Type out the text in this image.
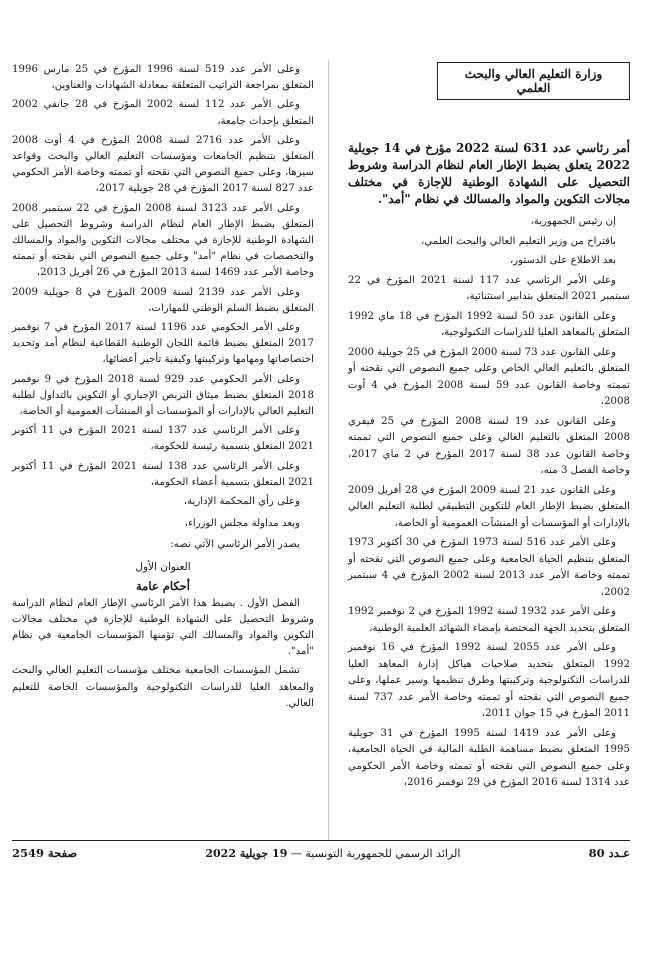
وزارة التعليم العالي والبحث العلمي

أمر رئاسي عدد 631 لسنة 2022 مؤرخ في 14 جويلية 2022 يتعلق بضبط الإطار العام لنظام الدراسة وشروط التحصيل على الشهادة الوطنية للإجازة في مختلف مجالات التكوين والمواد والمسالك في نظام "أمد".

إن رئيس الجمهورية،

باقتراح من وزير التعليم العالي والبحث العلمي،

بعد الاطلاع على الدستور،

وعلى الأمر الرئاسي عدد 117 لسنة 2021 المؤرخ في 22 سبتمبر 2021 المتعلق بتدابير استثنائية،

وعلى القانون عدد 50 لسنة 1992 المؤرخ في 18 ماي 1992 المتعلق بالمعاهد العليا للدراسات التكنولوجية،

وعلى القانون عدد 73 لسنة 2000 المؤرخ في 25 جويلية 2000 المتعلق بالتعليم العالي الخاص وعلى جميع النصوص التي نقحته أو تممته وخاصة القانون عدد 59 لسنة 2008 المؤرخ في 4 أوت 2008،

وعلى القانون عدد 19 لسنة 2008 المؤرخ في 25 فيفري 2008 المتعلق بالتعليم العالي وعلى جميع النصوص التي تممته وخاصة القانون عدد 38 لسنة 2017 المؤرخ في 2 ماي 2017، وخاصة الفصل 3 منه،

وعلى القانون عدد 21 لسنة 2009 المؤرخ في 28 أفريل 2009 المتعلق بضبط الإطار العام للتكوين التطبيقي لطلبة التعليم العالي بالإدارات أو المؤسسات أو المنشآت العمومية أو الخاصة،

وعلى الأمر عدد 516 لسنة 1973 المؤرخ في 30 أكتوبر 1973 المتعلق بتنظيم الحياة الجامعية وعلى جميع النصوص التي نقحته أو تممته وخاصة الأمر عدد 2013 لسنة 2002 المؤرخ في 4 سبتمبر 2002،

وعلى الأمر عدد 1932 لسنة 1992 المؤرخ في 2 نوفمبر 1992 المتعلق بتحديد الجهة المختصة بإمضاء الشهائد العلمية الوطنية،

وعلى الأمر عدد 2055 لسنة 1992 المؤرخ في 16 نوفمبر 1992 المتعلق بتحديد صلاحيات هياكل إدارة المعاهد العليا للدراسات التكنولوجية وتركيبتها وطرق تنظيمها وسير عملها، وعلى جميع النصوص التي نقحته أو تممته وخاصة الأمر عدد 737 لسنة 2011 المؤرخ في 15 جوان 2011،

وعلى الأمر عدد 1419 لسنة 1995 المؤرخ في 31 جويلية 1995 المتعلق بضبط مساهمة الطلبة المالية في الحياة الجامعية، وعلى جميع النصوص التي نقحته أو تممته وخاصة الأمر الحكومي عدد 1314 لسنة 2016 المؤرخ في 29 نوفمبر 2016،

وعلى الأمر عدد 519 لسنة 1996 المؤرخ في 25 مارس 1996 المتعلق بمراجعة التراتيب المتعلقة بمعادلة الشهادات والعناوين،

وعلى الأمر عدد 112 لسنة 2002 المؤرخ في 28 جانفي 2002 المتعلق بإحداث جامعة،

وعلى الأمر عدد 2716 لسنة 2008 المؤرخ في 4 أوت 2008 المتعلق بتنظيم الجامعات ومؤسسات التعليم العالي والبحث وقواعد سيرها، وعلى جميع النصوص التي نقحته أو تممته وخاصة الأمر الحكومي عدد 827 لسنة 2017 المؤرخ في 28 جويلية 2017،

وعلى الأمر عدد 3123 لسنة 2008 المؤرخ في 22 سبتمبر 2008 المتعلق بضبط الإطار العام لنظام الدراسة وشروط التحصيل على الشهادة الوطنية للإجازة في مختلف مجالات التكوين والمواد والمسالك والتخصصات في نظام "أمد" وعلى جميع النصوص التي نقحته أو تممته وخاصة الأمر عدد 1469 لسنة 2013 المؤرخ في 26 أفريل 2013،

وعلى الأمر عدد 2139 لسنة 2009 المؤرخ في 8 جويلية 2009 المتعلق بضبط السلم الوطني للمهارات،

وعلى الأمر الحكومي عدد 1196 لسنة 2017 المؤرخ في 7 نوفمبر 2017 المتعلق بضبط قائمة اللجان الوطنية القطاعية لنظام أمد وتحديد اختصاصاتها ومهامها وتركيبتها وكيفية تأجير أعضائها،

وعلى الأمر الحكومي عدد 929 لسنة 2018 المؤرخ في 9 نوفمبر 2018 المتعلق بضبط ميثاق التربص الإجباري أو التكوين بالتداول لطلبة التعليم العالي بالإدارات أو المؤسسات أو المنشآت العمومية أو الخاصة،

وعلى الأمر الرئاسي عدد 137 لسنة 2021 المؤرخ في 11 أكتوبر 2021 المتعلق بتسمية رئيسة للحكومة،

وعلى الأمر الرئاسي عدد 138 لسنة 2021 المؤرخ في 11 أكتوبر 2021 المتعلق بتسمية أعضاء الحكومة،

وعلى رأي المحكمة الإدارية،

وبعد مداولة مجلس الوزراء،

يصدر الأمر الرئاسي الآتي نصه:

العنوان الأول
أحكام عامة

الفصل الأول . يضبط هذا الأمر الرئاسي الإطار العام لنظام الدراسة وشروط التحصيل على الشهادة الوطنية للإجازة في مختلف مجالات التكوين والمواد والمسالك التي تؤمنها المؤسسات الجامعية في نظام "أمد".

تشمل المؤسسات الجامعية مختلف مؤسسات التعليم العالي والبحث والمعاهد العليا للدراسات التكنولوجية والمؤسسات الخاصة للتعليم العالي.

عـدد 80
الرائد الرسمي للجمهورية التونسية — 19 جويلية 2022
صفحة 2549
